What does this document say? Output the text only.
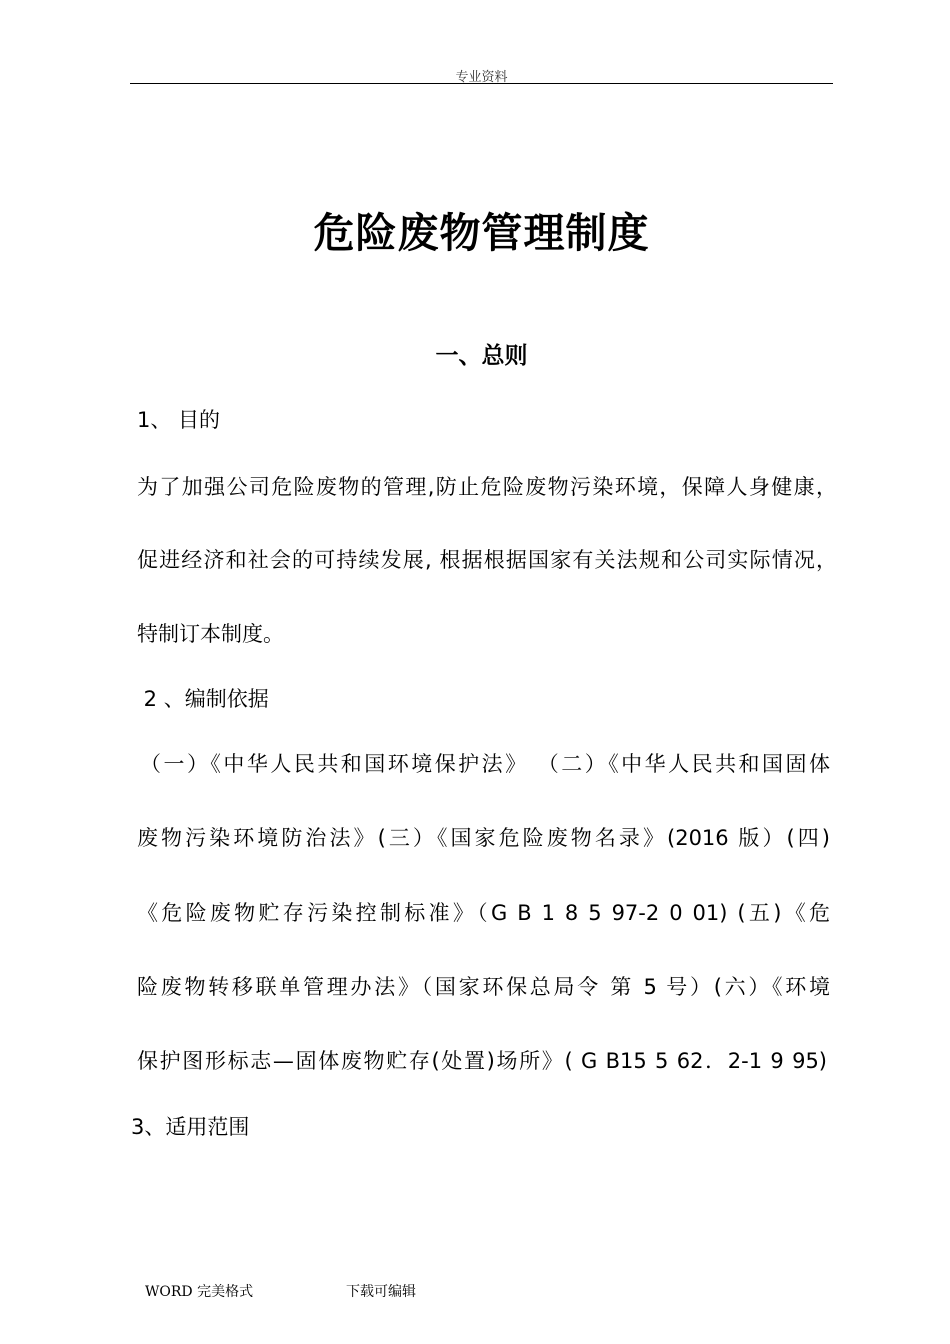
专业资料
危险废物管理制度
一、总则
1、 目的
为了加强公司危险废物的管理,防止危险废物污染环境，保障人身健康，
促进经济和社会的可持续发展, 根据根据国家有关法规和公司实际情况，
特制订本制度。
2 、编制依据
（一）《中华人民共和国环境保护法》 （二）《中华人民共和国固体
废物污染环境防治法》(三）《国家危险废物名录》(2016 版）(四)
《危险废物贮存污染控制标准》（G B 1 8 5 97-2 0 01) (五)《危
险废物转移联单管理办法》（国家环保总局令 第 5 号）(六）《环境
保护图形标志—固体废物贮存(处置)场所》( G B15 5 62．2-1 9 95)
3、适用范围
WORD 完美格式	下载可编辑
